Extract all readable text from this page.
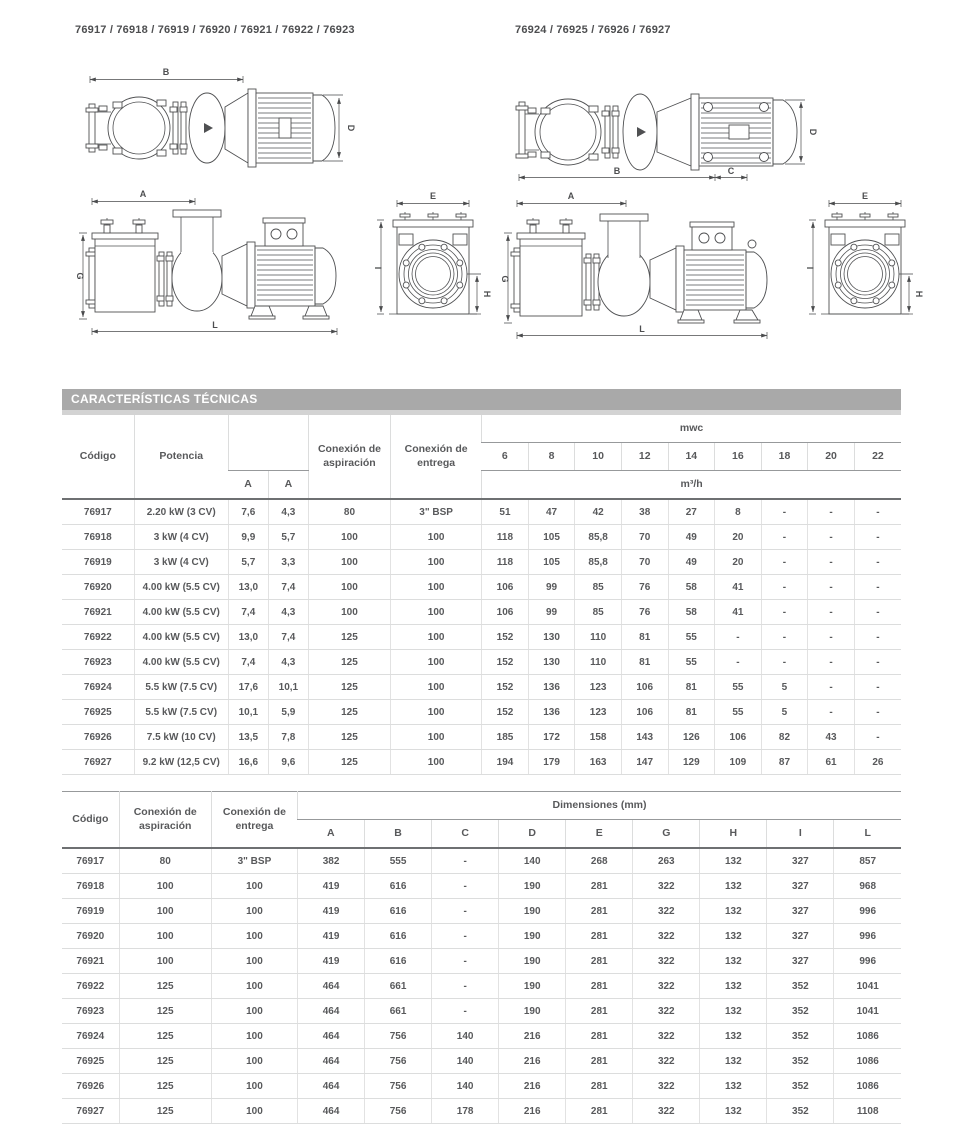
76917 / 76918 / 76919 / 76920 / 76921 / 76922 / 76923	76924 / 76925 / 76926 / 76927
B
D
A
G
L
E
I
H
D
B	C
A
G
L
E
I
H
CARACTERÍSTICAS TÉCNICAS
Código	Potencia			Conexión de aspiración	Conexión de entrega	mwc								
						6	8	10	12	14	16	18	20	22
		A	A			m³/h								
76917	2.20 kW (3 CV)	7,6	4,3	80	3" BSP	51	47	42	38	27	8	-	-	-
76918	3 kW (4 CV)	9,9	5,7	100	100	118	105	85,8	70	49	20	-	-	-
76919	3 kW (4 CV)	5,7	3,3	100	100	118	105	85,8	70	49	20	-	-	-
76920	4.00 kW (5.5 CV)	13,0	7,4	100	100	106	99	85	76	58	41	-	-	-
76921	4.00 kW (5.5 CV)	7,4	4,3	100	100	106	99	85	76	58	41	-	-	-
76922	4.00 kW (5.5 CV)	13,0	7,4	125	100	152	130	110	81	55	-	-	-	-
76923	4.00 kW (5.5 CV)	7,4	4,3	125	100	152	130	110	81	55	-	-	-	-
76924	5.5 kW (7.5 CV)	17,6	10,1	125	100	152	136	123	106	81	55	5	-	-
76925	5.5 kW (7.5 CV)	10,1	5,9	125	100	152	136	123	106	81	55	5	-	-
76926	7.5 kW (10 CV)	13,5	7,8	125	100	185	172	158	143	126	106	82	43	-
76927	9.2 kW (12,5 CV)	16,6	9,6	125	100	194	179	163	147	129	109	87	61	26
Código	Conexión de aspiración	Conexión de entrega	Dimensiones (mm)								
			A	B	C	D	E	G	H	I	L
76917	80	3" BSP	382	555	-	140	268	263	132	327	857
76918	100	100	419	616	-	190	281	322	132	327	968
76919	100	100	419	616	-	190	281	322	132	327	996
76920	100	100	419	616	-	190	281	322	132	327	996
76921	100	100	419	616	-	190	281	322	132	327	996
76922	125	100	464	661	-	190	281	322	132	352	1041
76923	125	100	464	661	-	190	281	322	132	352	1041
76924	125	100	464	756	140	216	281	322	132	352	1086
76925	125	100	464	756	140	216	281	322	132	352	1086
76926	125	100	464	756	140	216	281	322	132	352	1086
76927	125	100	464	756	178	216	281	322	132	352	1108
